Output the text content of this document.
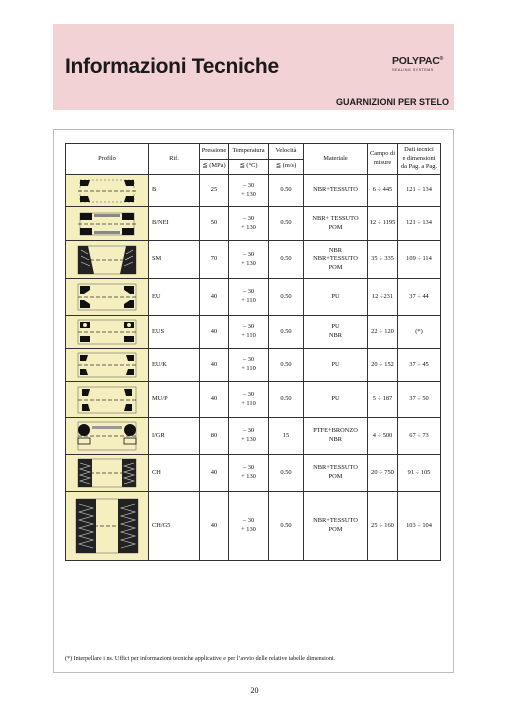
Informazioni Tecniche	POLYPAC®
SEALING SYSTEMS
GUARNIZIONI PER STELO
Profilo	Rif.	Pressione	Temperatura	Velocità	Materiale	Campo di
misure	Dati tecnici
e dimensioni
da Pag. a Pag.

		≦ (MPa)	≦ (°C)	≦ (m/s)			

	B	25	– 30
+ 130	0.50	NBR+TESSUTO	6 ÷ 445	121 ÷ 134

	B/NEI	50	– 30
+ 130	0.50	NBR+ TESSUTO
POM	12 ÷ 1195	121 ÷ 134

	SM	70	– 30
+ 130	0.50	NBR
NBR+TESSUTO
POM	35 ÷ 335	109 ÷ 114

	EU	40	– 30
+ 110	0.50	PU	12 ÷231	37 ÷ 44

	EUS	40	– 30
+ 110	0.50	PU
NBR	22 ÷ 120	(*)

	EU/K	40	– 30
+ 110	0.50	PU	20 ÷ 152	37 ÷ 45

	MU/P	40	– 30
+ 110	0.50	PU	5 ÷ 187	37 ÷ 50

	I/GR	80	– 30
+ 130	15	PTFE+BRONZO
NBR	4 ÷ 500	67 ÷ 73

	CH	40	– 30
+ 130	0.50	NBR+TESSUTO
POM	20 ÷ 750	91 ÷ 105

	CH/G5	40	– 30
+ 130	0.50	NBR+TESSUTO
POM	25 ÷ 160	103 ÷ 104

(*) Interpellare i ns. Uffici per informazioni tecniche applicative e per l’avvio delle relative tabelle dimensioni.

20
